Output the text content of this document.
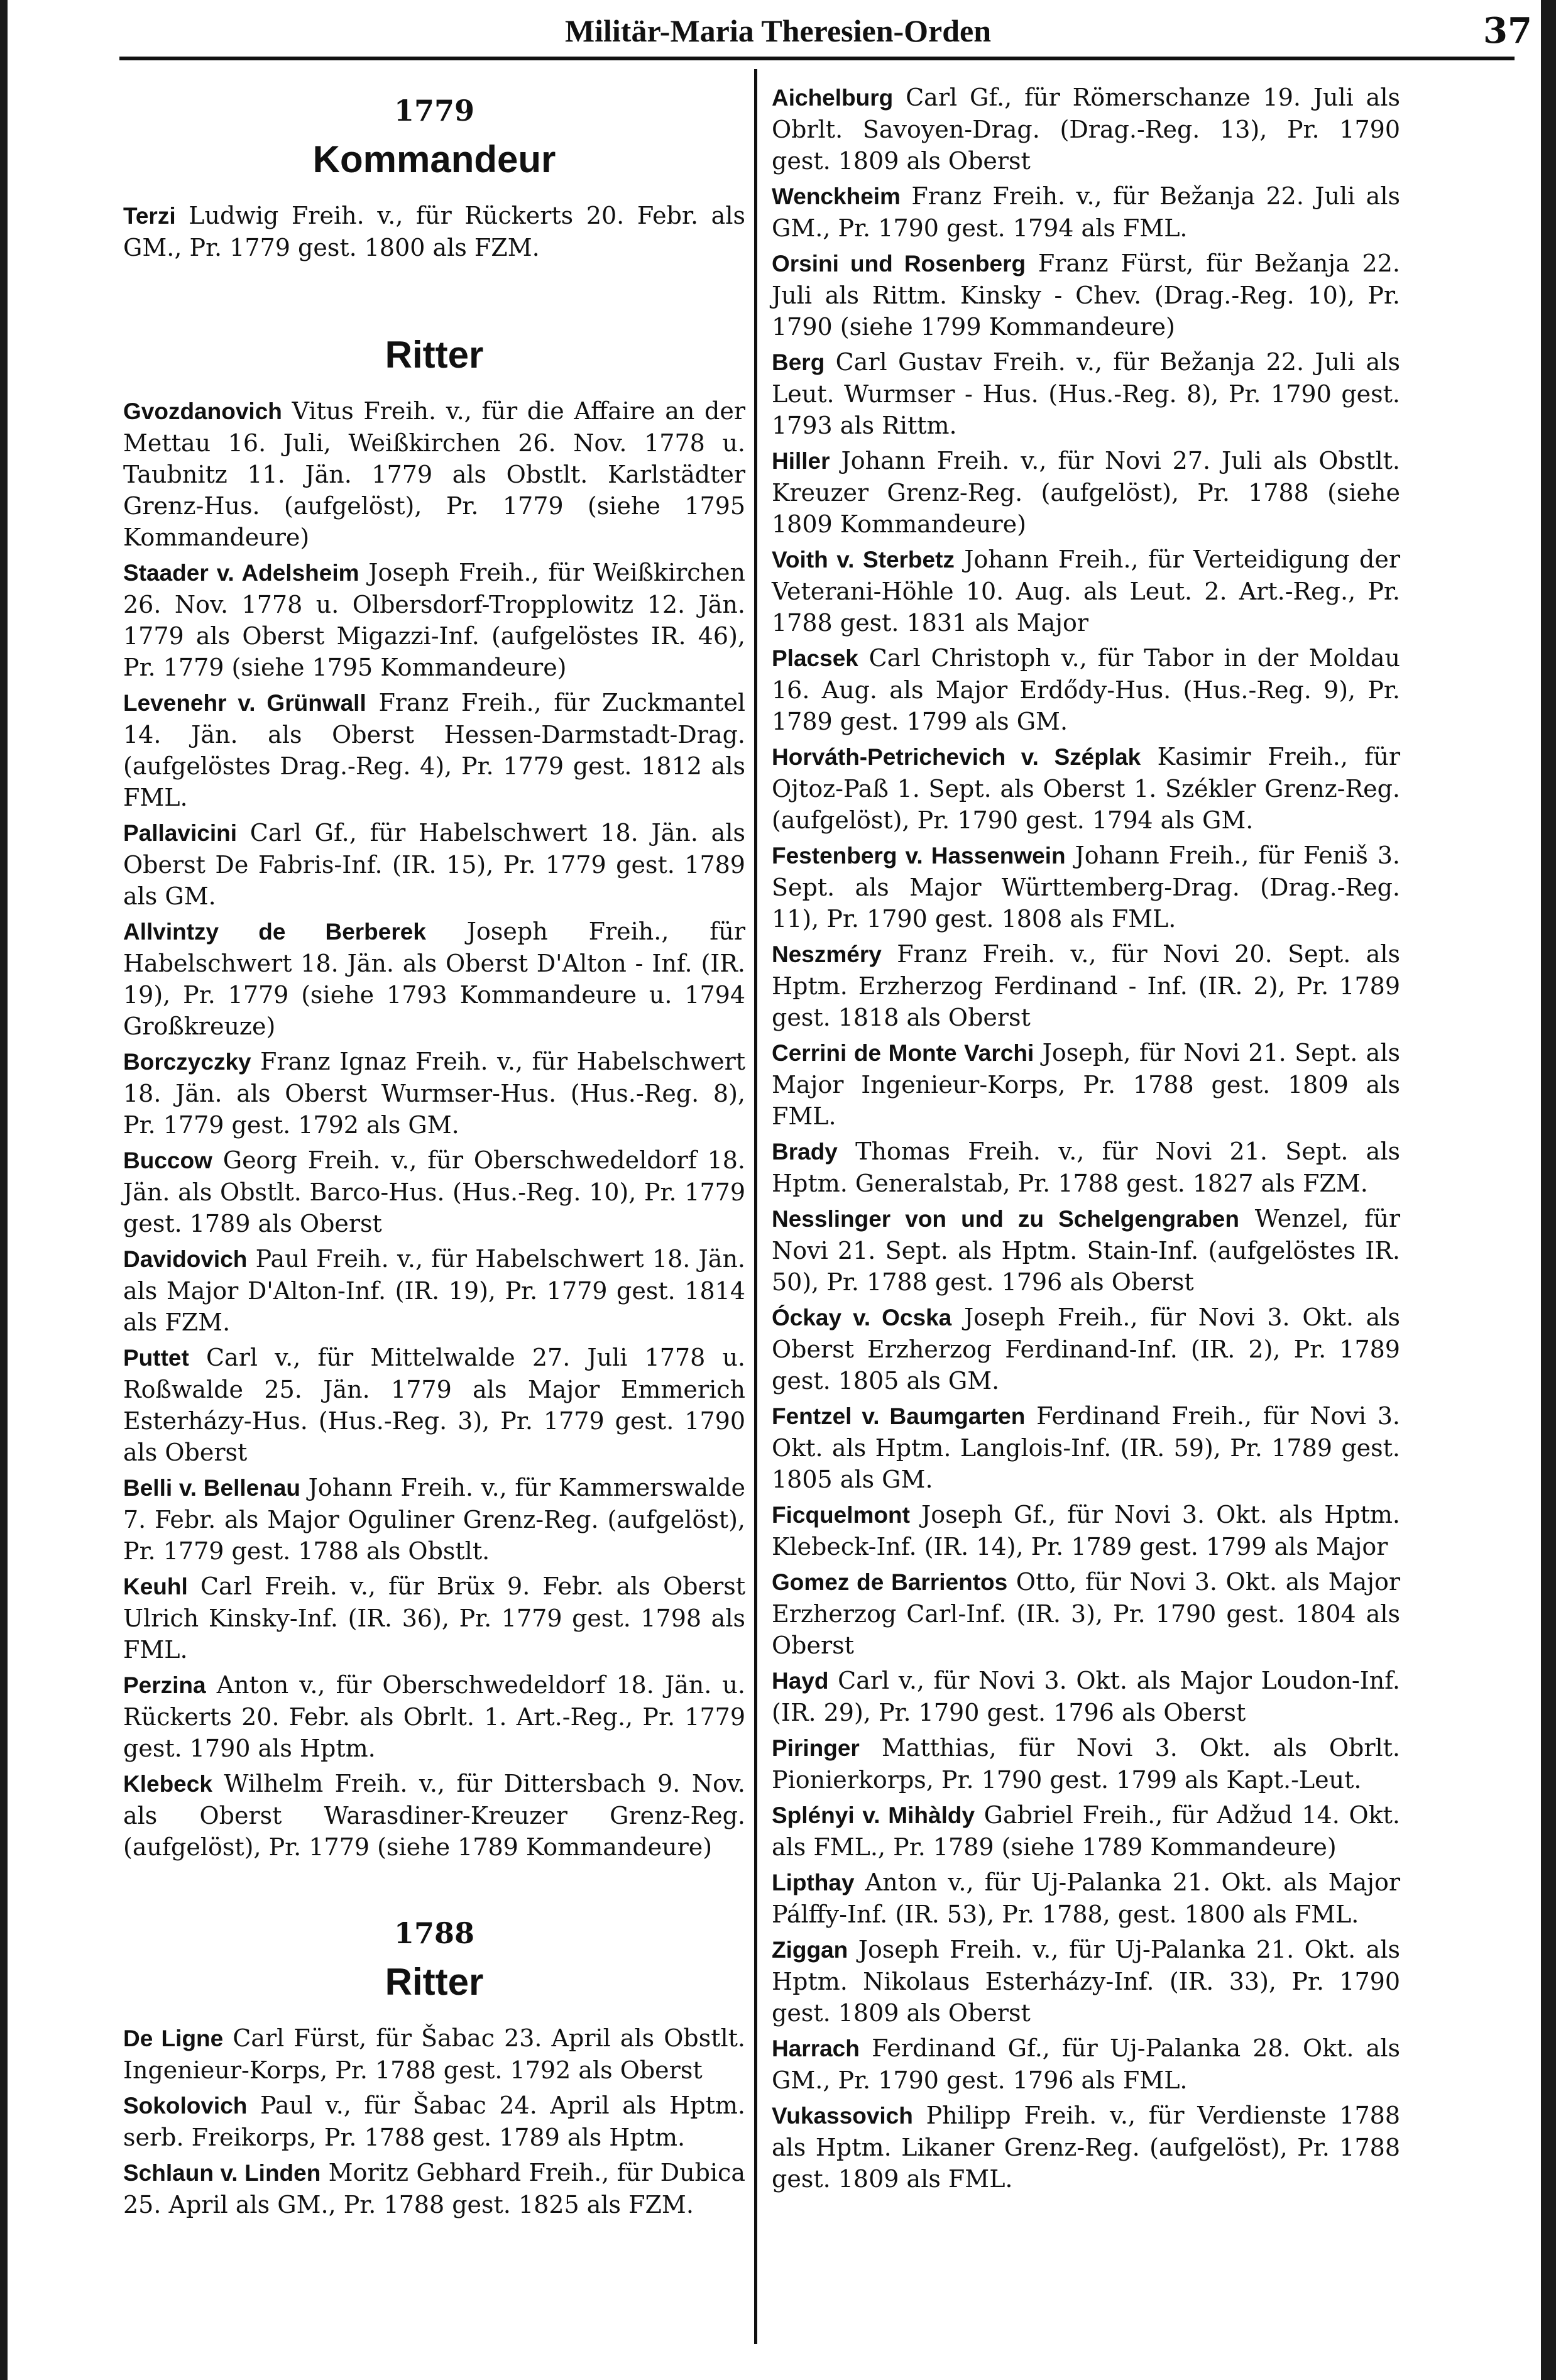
Militär-Maria Theresien-Orden	37
1779
Kommandeur

Terzi Ludwig Freih. v., für Rückerts 20. Febr. als GM., Pr. 1779 gest. 1800 als FZM.

Ritter

Gvozdanovich Vitus Freih. v., für die Affaire an der Mettau 16. Juli, Weißkirchen 26. Nov. 1778 u. Taubnitz 11. Jän. 1779 als Obstlt. Karlstädter Grenz-Hus. (aufgelöst), Pr. 1779 (siehe 1795 Kommandeure)

Staader v. Adelsheim Joseph Freih., für Weißkirchen 26. Nov. 1778 u. Olbersdorf-Tropplowitz 12. Jän. 1779 als Oberst Migazzi-Inf. (aufgelöstes IR. 46), Pr. 1779 (siehe 1795 Kommandeure)

Levenehr v. Grünwall Franz Freih., für Zuckmantel 14. Jän. als Oberst Hessen-Darmstadt-Drag. (aufgelöstes Drag.-Reg. 4), Pr. 1779 gest. 1812 als FML.

Pallavicini Carl Gf., für Habelschwert 18. Jän. als Oberst De Fabris-Inf. (IR. 15), Pr. 1779 gest. 1789 als GM.

Allvintzy de Berberek Joseph Freih., für Habelschwert 18. Jän. als Oberst D'Alton - Inf. (IR. 19), Pr. 1779 (siehe 1793 Kommandeure u. 1794 Großkreuze)

Borczyczky Franz Ignaz Freih. v., für Habelschwert 18. Jän. als Oberst Wurmser-Hus. (Hus.-Reg. 8), Pr. 1779 gest. 1792 als GM.

Buccow Georg Freih. v., für Oberschwedeldorf 18. Jän. als Obstlt. Barco-Hus. (Hus.-Reg. 10), Pr. 1779 gest. 1789 als Oberst

Davidovich Paul Freih. v., für Habelschwert 18. Jän. als Major D'Alton-Inf. (IR. 19), Pr. 1779 gest. 1814 als FZM.

Puttet Carl v., für Mittelwalde 27. Juli 1778 u. Roßwalde 25. Jän. 1779 als Major Emmerich Esterházy-Hus. (Hus.-Reg. 3), Pr. 1779 gest. 1790 als Oberst

Belli v. Bellenau Johann Freih. v., für Kammerswalde 7. Febr. als Major Oguliner Grenz-Reg. (aufgelöst), Pr. 1779 gest. 1788 als Obstlt.

Keuhl Carl Freih. v., für Brüx 9. Febr. als Oberst Ulrich Kinsky-Inf. (IR. 36), Pr. 1779 gest. 1798 als FML.

Perzina Anton v., für Oberschwedeldorf 18. Jän. u. Rückerts 20. Febr. als Obrlt. 1. Art.-Reg., Pr. 1779 gest. 1790 als Hptm.

Klebeck Wilhelm Freih. v., für Dittersbach 9. Nov. als Oberst Warasdiner-Kreuzer Grenz-Reg. (aufgelöst), Pr. 1779 (siehe 1789 Kommandeure)

1788
Ritter

De Ligne Carl Fürst, für Šabac 23. April als Obstlt. Ingenieur-Korps, Pr. 1788 gest. 1792 als Oberst

Sokolovich Paul v., für Šabac 24. April als Hptm. serb. Freikorps, Pr. 1788 gest. 1789 als Hptm.

Schlaun v. Linden Moritz Gebhard Freih., für Dubica 25. April als GM., Pr. 1788 gest. 1825 als FZM.

Aichelburg Carl Gf., für Römerschanze 19. Juli als Obrlt. Savoyen-Drag. (Drag.-Reg. 13), Pr. 1790 gest. 1809 als Oberst

Wenckheim Franz Freih. v., für Bežanja 22. Juli als GM., Pr. 1790 gest. 1794 als FML.

Orsini und Rosenberg Franz Fürst, für Bežanja 22. Juli als Rittm. Kinsky - Chev. (Drag.-Reg. 10), Pr. 1790 (siehe 1799 Kommandeure)

Berg Carl Gustav Freih. v., für Bežanja 22. Juli als Leut. Wurmser - Hus. (Hus.-Reg. 8), Pr. 1790 gest. 1793 als Rittm.

Hiller Johann Freih. v., für Novi 27. Juli als Obstlt. Kreuzer Grenz-Reg. (aufgelöst), Pr. 1788 (siehe 1809 Kommandeure)

Voith v. Sterbetz Johann Freih., für Verteidigung der Veterani-Höhle 10. Aug. als Leut. 2. Art.-Reg., Pr. 1788 gest. 1831 als Major

Placsek Carl Christoph v., für Tabor in der Moldau 16. Aug. als Major Erdődy-Hus. (Hus.-Reg. 9), Pr. 1789 gest. 1799 als GM.

Horváth-Petrichevich v. Széplak Kasimir Freih., für Ojtoz-Paß 1. Sept. als Oberst 1. Székler Grenz-Reg. (aufgelöst), Pr. 1790 gest. 1794 als GM.

Festenberg v. Hassenwein Johann Freih., für Feniš 3. Sept. als Major Württemberg-Drag. (Drag.-Reg. 11), Pr. 1790 gest. 1808 als FML.

Neszméry Franz Freih. v., für Novi 20. Sept. als Hptm. Erzherzog Ferdinand - Inf. (IR. 2), Pr. 1789 gest. 1818 als Oberst

Cerrini de Monte Varchi Joseph, für Novi 21. Sept. als Major Ingenieur-Korps, Pr. 1788 gest. 1809 als FML.

Brady Thomas Freih. v., für Novi 21. Sept. als Hptm. Generalstab, Pr. 1788 gest. 1827 als FZM.

Nesslinger von und zu Schelgengraben Wenzel, für Novi 21. Sept. als Hptm. Stain-Inf. (aufgelöstes IR. 50), Pr. 1788 gest. 1796 als Oberst

Óckay v. Ocska Joseph Freih., für Novi 3. Okt. als Oberst Erzherzog Ferdinand-Inf. (IR. 2), Pr. 1789 gest. 1805 als GM.

Fentzel v. Baumgarten Ferdinand Freih., für Novi 3. Okt. als Hptm. Langlois-Inf. (IR. 59), Pr. 1789 gest. 1805 als GM.

Ficquelmont Joseph Gf., für Novi 3. Okt. als Hptm. Klebeck-Inf. (IR. 14), Pr. 1789 gest. 1799 als Major

Gomez de Barrientos Otto, für Novi 3. Okt. als Major Erzherzog Carl-Inf. (IR. 3), Pr. 1790 gest. 1804 als Oberst

Hayd Carl v., für Novi 3. Okt. als Major Loudon-Inf. (IR. 29), Pr. 1790 gest. 1796 als Oberst

Piringer Matthias, für Novi 3. Okt. als Obrlt. Pionierkorps, Pr. 1790 gest. 1799 als Kapt.-Leut.

Splényi v. Mihàldy Gabriel Freih., für Adžud 14. Okt. als FML., Pr. 1789 (siehe 1789 Kommandeure)

Lipthay Anton v., für Uj-Palanka 21. Okt. als Major Pálffy-Inf. (IR. 53), Pr. 1788, gest. 1800 als FML.

Ziggan Joseph Freih. v., für Uj-Palanka 21. Okt. als Hptm. Nikolaus Esterházy-Inf. (IR. 33), Pr. 1790 gest. 1809 als Oberst

Harrach Ferdinand Gf., für Uj-Palanka 28. Okt. als GM., Pr. 1790 gest. 1796 als FML.

Vukassovich Philipp Freih. v., für Verdienste 1788 als Hptm. Likaner Grenz-Reg. (aufgelöst), Pr. 1788 gest. 1809 als FML.
